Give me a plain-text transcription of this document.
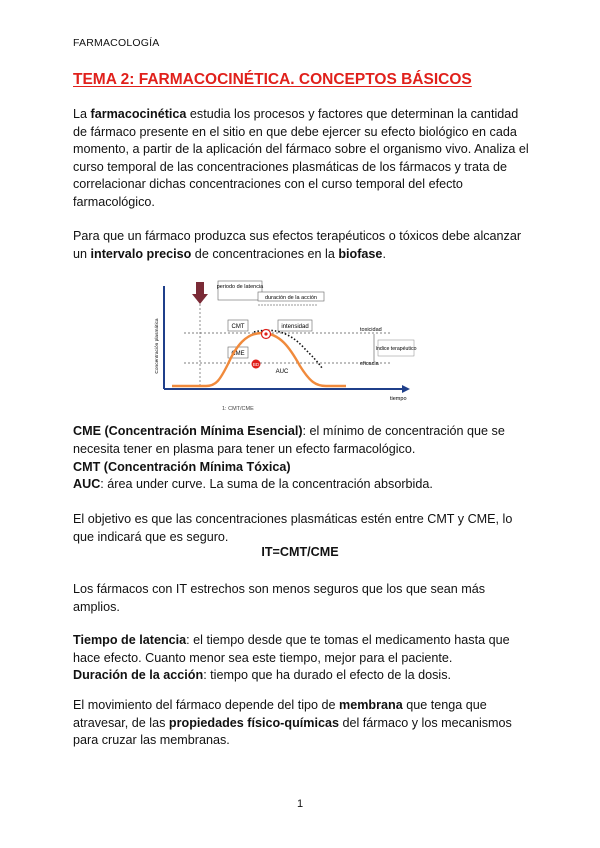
FARMACOLOGÍA
TEMA 2: FARMACOCINÉTICA. CONCEPTOS BÁSICOS
La farmacocinética estudia los procesos y factores que determinan la cantidad de fármaco presente en el sitio en que debe ejercer su efecto biológico en cada momento, a partir de la aplicación del fármaco sobre el organismo vivo. Analiza el curso temporal de las concentraciones plasmáticas de los fármacos y trata de correlacionar dichas concentraciones con el curso temporal del efecto farmacológico.
Para que un fármaco produzca sus efectos terapéuticos o tóxicos debe alcanzar un intervalo preciso de concentraciones en la biofase.
periodo de latencia
duración de la acción
CMT
CME
intensidad
BD
toxicidad
índice terapéutico
eficacia
AUC
tiempo
Concentración plasmática
1: CMT/CME
CME (Concentración Mínima Esencial): el mínimo de concentración que se necesita tener en plasma para tener un efecto farmacológico.
CMT (Concentración Mínima Tóxica)
AUC: área under curve. La suma de la concentración absorbida.
El objetivo es que las concentraciones plasmáticas estén entre CMT y CME, lo que indicará que es seguro.
IT=CMT/CME
Los fármacos con IT estrechos son menos seguros que los que sean más amplios.
Tiempo de latencia: el tiempo desde que te tomas el medicamento hasta que hace efecto. Cuanto menor sea este tiempo, mejor para el paciente.
Duración de la acción: tiempo que ha durado el efecto de la dosis.
El movimiento del fármaco depende del tipo de membrana que tenga que atravesar, de las propiedades físico-químicas del fármaco y los mecanismos para cruzar las membranas.
1
